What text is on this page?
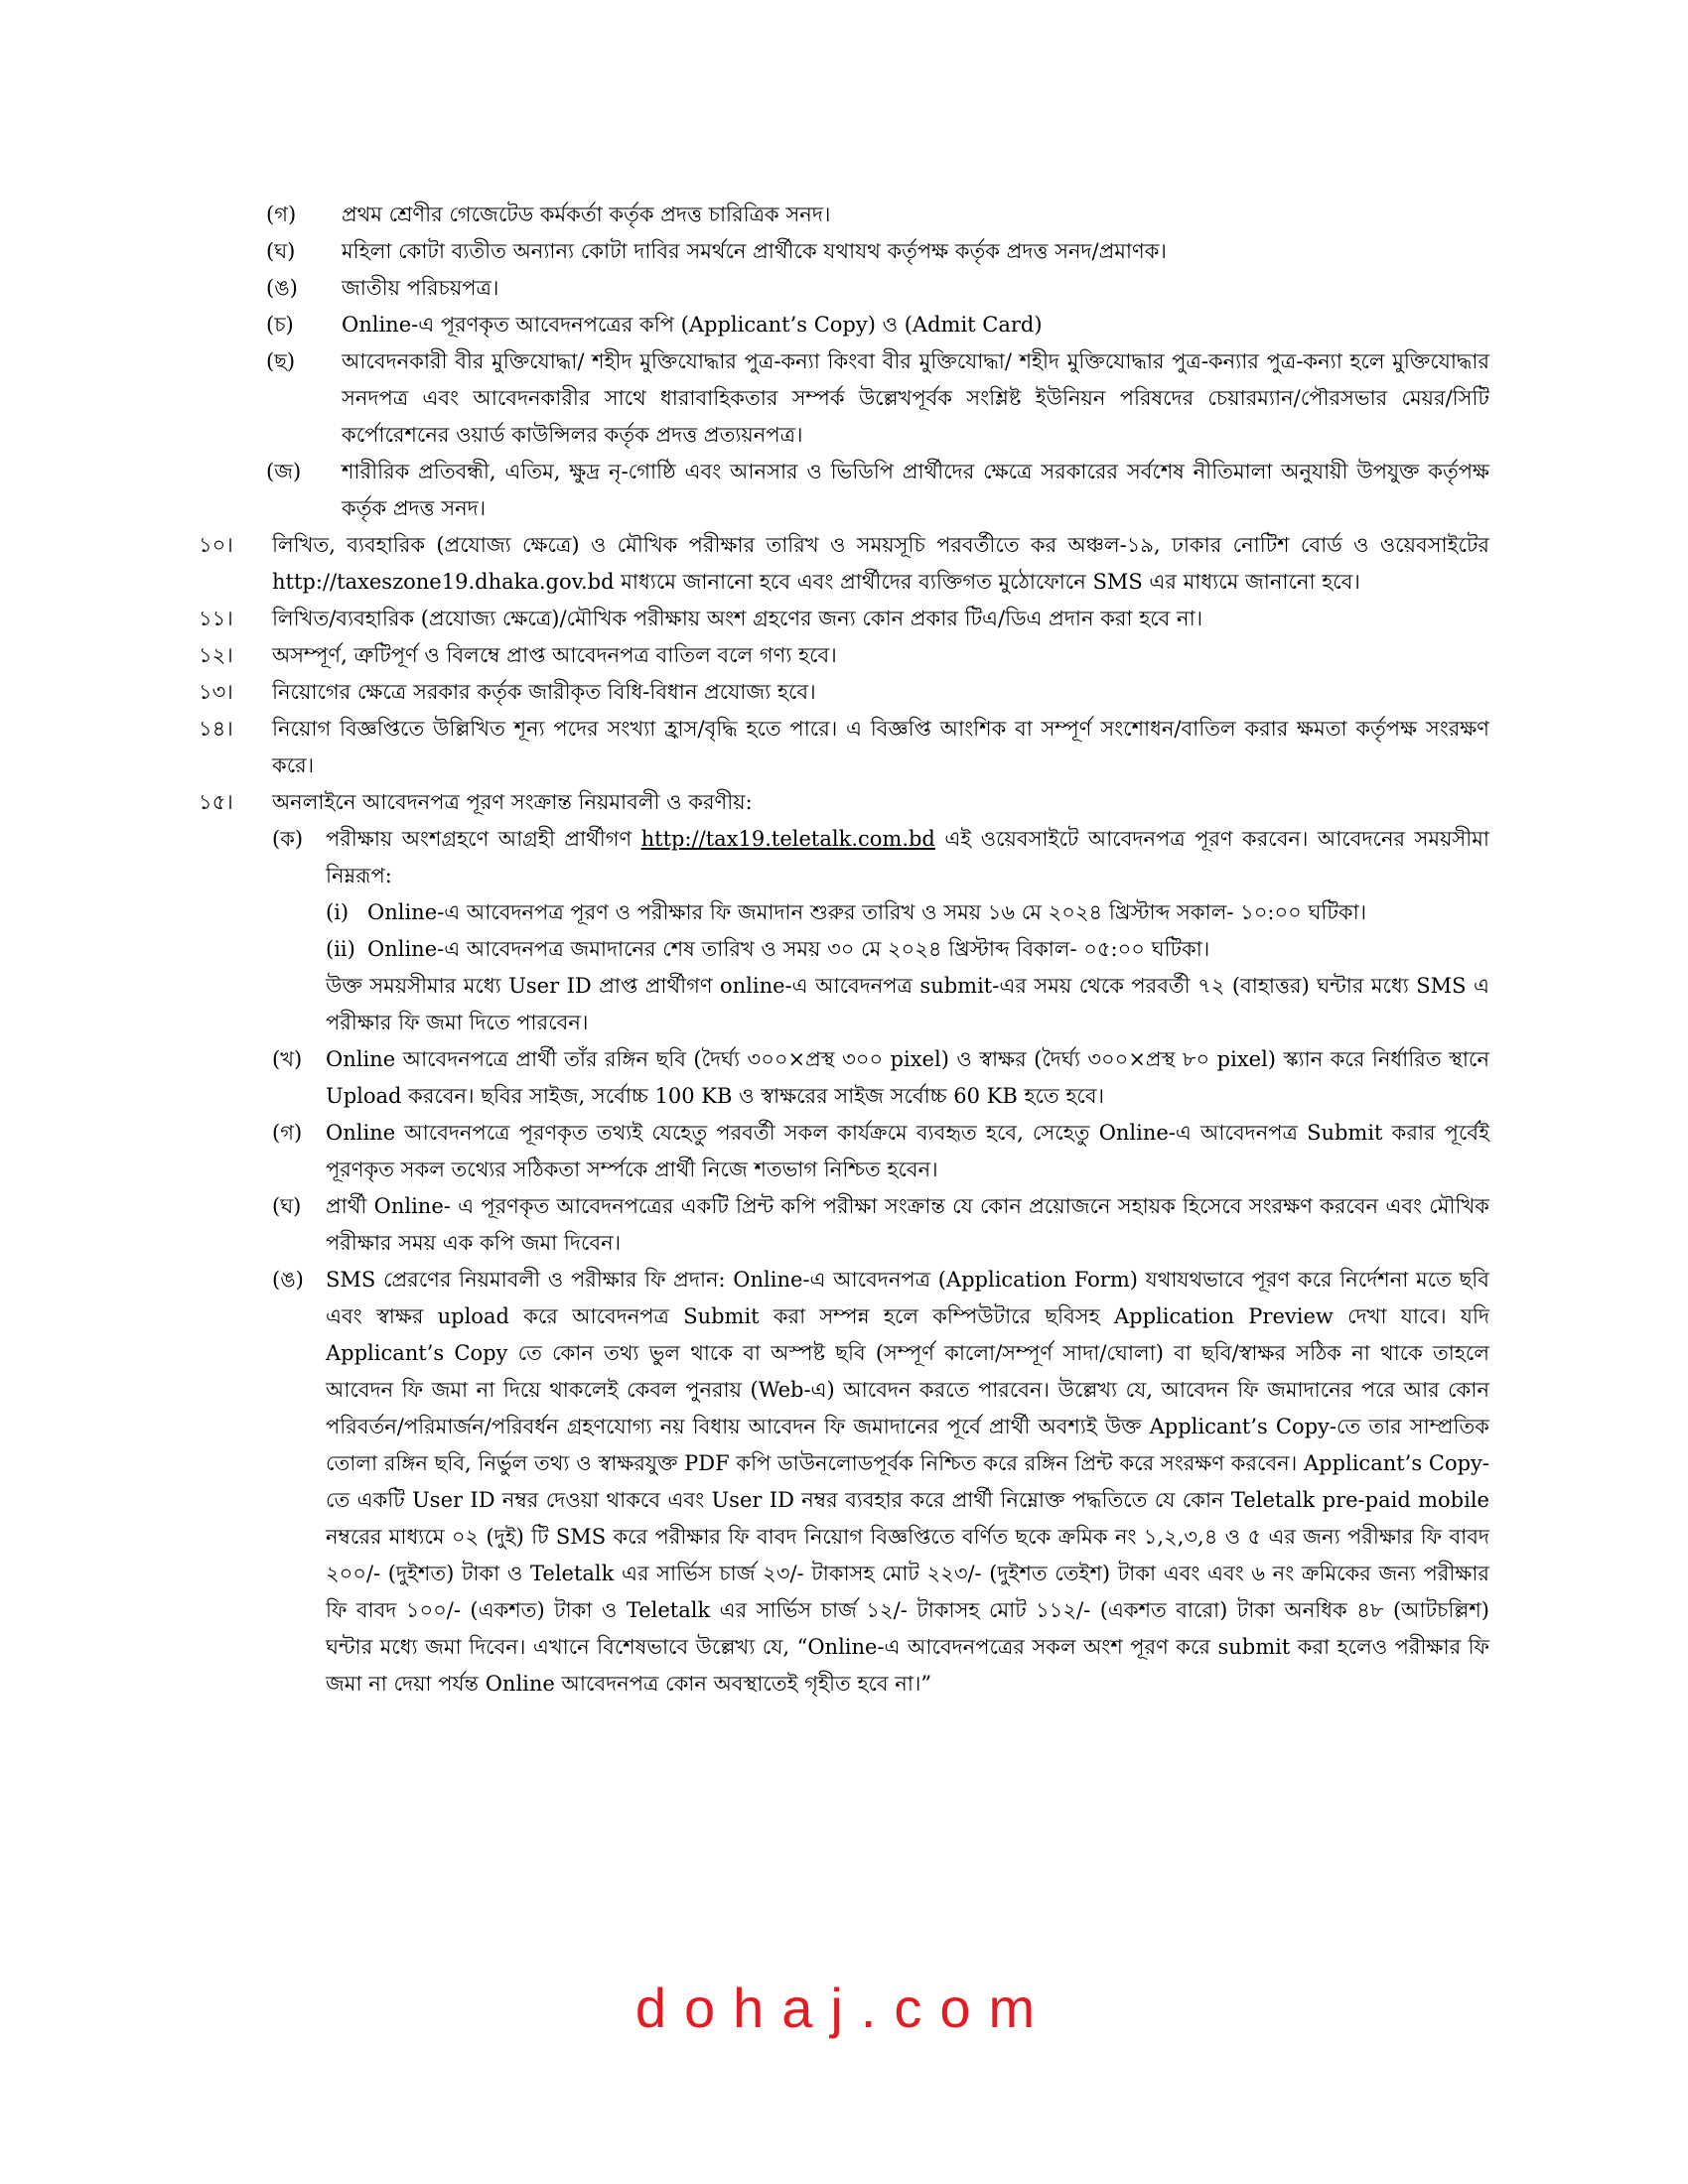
(গ)	প্রথম শ্রেণীর গেজেটেড কর্মকর্তা কর্তৃক প্রদত্ত চারিত্রিক সনদ।
(ঘ)	মহিলা কোটা ব্যতীত অন্যান্য কোটা দাবির সমর্থনে প্রার্থীকে যথাযথ কর্তৃপক্ষ কর্তৃক প্রদত্ত সনদ/প্রমাণক।
(ঙ)	জাতীয় পরিচয়পত্র।
(চ)	Online-এ পূরণকৃত আবেদনপত্রের কপি (Applicant’s Copy) ও (Admit Card)
(ছ)	আবেদনকারী বীর মুক্তিযোদ্ধা/ শহীদ মুক্তিযোদ্ধার পুত্র-কন্যা কিংবা বীর মুক্তিযোদ্ধা/ শহীদ মুক্তিযোদ্ধার পুত্র-কন্যার পুত্র-কন্যা হলে মুক্তিযোদ্ধার সনদপত্র এবং আবেদনকারীর সাথে ধারাবাহিকতার সম্পর্ক উল্লেখপূর্বক সংশ্লিষ্ট ইউনিয়ন পরিষদের চেয়ারম্যান/পৌরসভার মেয়র/সিটি কর্পোরেশনের ওয়ার্ড কাউন্সিলর কর্তৃক প্রদত্ত প্রত্যয়নপত্র।
(জ)	শারীরিক প্রতিবন্ধী, এতিম, ক্ষুদ্র নৃ-গোষ্ঠি এবং আনসার ও ভিডিপি প্রার্থীদের ক্ষেত্রে সরকারের সর্বশেষ নীতিমালা অনুযায়ী উপযুক্ত কর্তৃপক্ষ কর্তৃক প্রদত্ত সনদ।
১০।	লিখিত, ব্যবহারিক (প্রযোজ্য ক্ষেত্রে) ও মৌখিক পরীক্ষার তারিখ ও সময়সূচি পরবর্তীতে কর অঞ্চল-১৯, ঢাকার নোটিশ বোর্ড ও ওয়েবসাইটের http://taxeszone19.dhaka.gov.bd মাধ্যমে জানানো হবে এবং প্রার্থীদের ব্যক্তিগত মুঠোফোনে SMS এর মাধ্যমে জানানো হবে।
১১।	লিখিত/ব্যবহারিক (প্রযোজ্য ক্ষেত্রে)/মৌখিক পরীক্ষায় অংশ গ্রহণের জন্য কোন প্রকার টিএ/ডিএ প্রদান করা হবে না।
১২।	অসম্পূর্ণ, ত্রুটিপূর্ণ ও বিলম্বে প্রাপ্ত আবেদনপত্র বাতিল বলে গণ্য হবে।
১৩।	নিয়োগের ক্ষেত্রে সরকার কর্তৃক জারীকৃত বিধি-বিধান প্রযোজ্য হবে।
১৪।	নিয়োগ বিজ্ঞপ্তিতে উল্লিখিত শূন্য পদের সংখ্যা হ্রাস/বৃদ্ধি হতে পারে। এ বিজ্ঞপ্তি আংশিক বা সম্পূর্ণ সংশোধন/বাতিল করার ক্ষমতা কর্তৃপক্ষ সংরক্ষণ করে।
১৫।	অনলাইনে আবেদনপত্র পূরণ সংক্রান্ত নিয়মাবলী ও করণীয়:
(ক)	পরীক্ষায় অংশগ্রহণে আগ্রহী প্রার্থীগণ http://tax19.teletalk.com.bd এই ওয়েবসাইটে আবেদনপত্র পূরণ করবেন। আবেদনের সময়সীমা নিম্নরূপ:
(i) Online-এ আবেদনপত্র পূরণ ও পরীক্ষার ফি জমাদান শুরুর তারিখ ও সময় ১৬ মে ২০২৪ খ্রিস্টাব্দ সকাল- ১০:০০ ঘটিকা।
(ii) Online-এ আবেদনপত্র জমাদানের শেষ তারিখ ও সময় ৩০ মে ২০২৪ খ্রিস্টাব্দ বিকাল- ০৫:০০ ঘটিকা।
উক্ত সময়সীমার মধ্যে User ID প্রাপ্ত প্রার্থীগণ online-এ আবেদনপত্র submit-এর সময় থেকে পরবর্তী ৭২ (বাহাত্তর) ঘন্টার মধ্যে SMS এ পরীক্ষার ফি জমা দিতে পারবেন।
(খ)	Online আবেদনপত্রে প্রার্থী তাঁর রঙ্গিন ছবি (দৈর্ঘ্য ৩০০×প্রস্থ ৩০০ pixel) ও স্বাক্ষর (দৈর্ঘ্য ৩০০×প্রস্থ ৮০ pixel) স্ক্যান করে নির্ধারিত স্থানে Upload করবেন। ছবির সাইজ, সর্বোচ্চ 100 KB ও স্বাক্ষরের সাইজ সর্বোচ্চ 60 KB হতে হবে।
(গ)	Online আবেদনপত্রে পূরণকৃত তথ্যই যেহেতু পরবর্তী সকল কার্যক্রমে ব্যবহৃত হবে, সেহেতু Online-এ আবেদনপত্র Submit করার পূর্বেই পূরণকৃত সকল তথ্যের সঠিকতা সর্ম্পকে প্রার্থী নিজে শতভাগ নিশ্চিত হবেন।
(ঘ)	প্রার্থী Online- এ পূরণকৃত আবেদনপত্রের একটি প্রিন্ট কপি পরীক্ষা সংক্রান্ত যে কোন প্রয়োজনে সহায়ক হিসেবে সংরক্ষণ করবেন এবং মৌখিক পরীক্ষার সময় এক কপি জমা দিবেন।
(ঙ)	SMS প্রেরণের নিয়মাবলী ও পরীক্ষার ফি প্রদান: Online-এ আবেদনপত্র (Application Form) যথাযথভাবে পূরণ করে নির্দেশনা মতে ছবি এবং স্বাক্ষর upload করে আবেদনপত্র Submit করা সম্পন্ন হলে কম্পিউটারে ছবিসহ Application Preview দেখা যাবে। যদি Applicant’s Copy তে কোন তথ্য ভুল থাকে বা অস্পষ্ট ছবি (সম্পূর্ণ কালো/সম্পূর্ণ সাদা/ঘোলা) বা ছবি/স্বাক্ষর সঠিক না থাকে তাহলে আবেদন ফি জমা না দিয়ে থাকলেই কেবল পুনরায় (Web-এ) আবেদন করতে পারবেন। উল্লেখ্য যে, আবেদন ফি জমাদানের পরে আর কোন পরিবর্তন/পরিমার্জন/পরিবর্ধন গ্রহণযোগ্য নয় বিধায় আবেদন ফি জমাদানের পূর্বে প্রার্থী অবশ্যই উক্ত Applicant’s Copy-তে তার সাম্প্রতিক তোলা রঙ্গিন ছবি, নির্ভুল তথ্য ও স্বাক্ষরযুক্ত PDF কপি ডাউনলোডপূর্বক নিশ্চিত করে রঙ্গিন প্রিন্ট করে সংরক্ষণ করবেন। Applicant’s Copy-তে একটি User ID নম্বর দেওয়া থাকবে এবং User ID নম্বর ব্যবহার করে প্রার্থী নিম্নোক্ত পদ্ধতিতে যে কোন Teletalk pre-paid mobile নম্বরের মাধ্যমে ০২ (দুই) টি SMS করে পরীক্ষার ফি বাবদ নিয়োগ বিজ্ঞপ্তিতে বর্ণিত ছকে ক্রমিক নং ১,২,৩,৪ ও ৫ এর জন্য পরীক্ষার ফি বাবদ ২০০/- (দুইশত) টাকা ও Teletalk এর সার্ভিস চার্জ ২৩/- টাকাসহ মোট ২২৩/- (দুইশত তেইশ) টাকা এবং এবং ৬ নং ক্রমিকের জন্য পরীক্ষার ফি বাবদ ১০০/- (একশত) টাকা ও Teletalk এর সার্ভিস চার্জ ১২/- টাকাসহ মোট ১১২/- (একশত বারো) টাকা অনধিক ৪৮ (আটচল্লিশ) ঘন্টার মধ্যে জমা দিবেন। এখানে বিশেষভাবে উল্লেখ্য যে, “Online-এ আবেদনপত্রের সকল অংশ পূরণ করে submit করা হলেও পরীক্ষার ফি জমা না দেয়া পর্যন্ত Online আবেদনপত্র কোন অবস্থাতেই গৃহীত হবে না।”
dohaj.com
